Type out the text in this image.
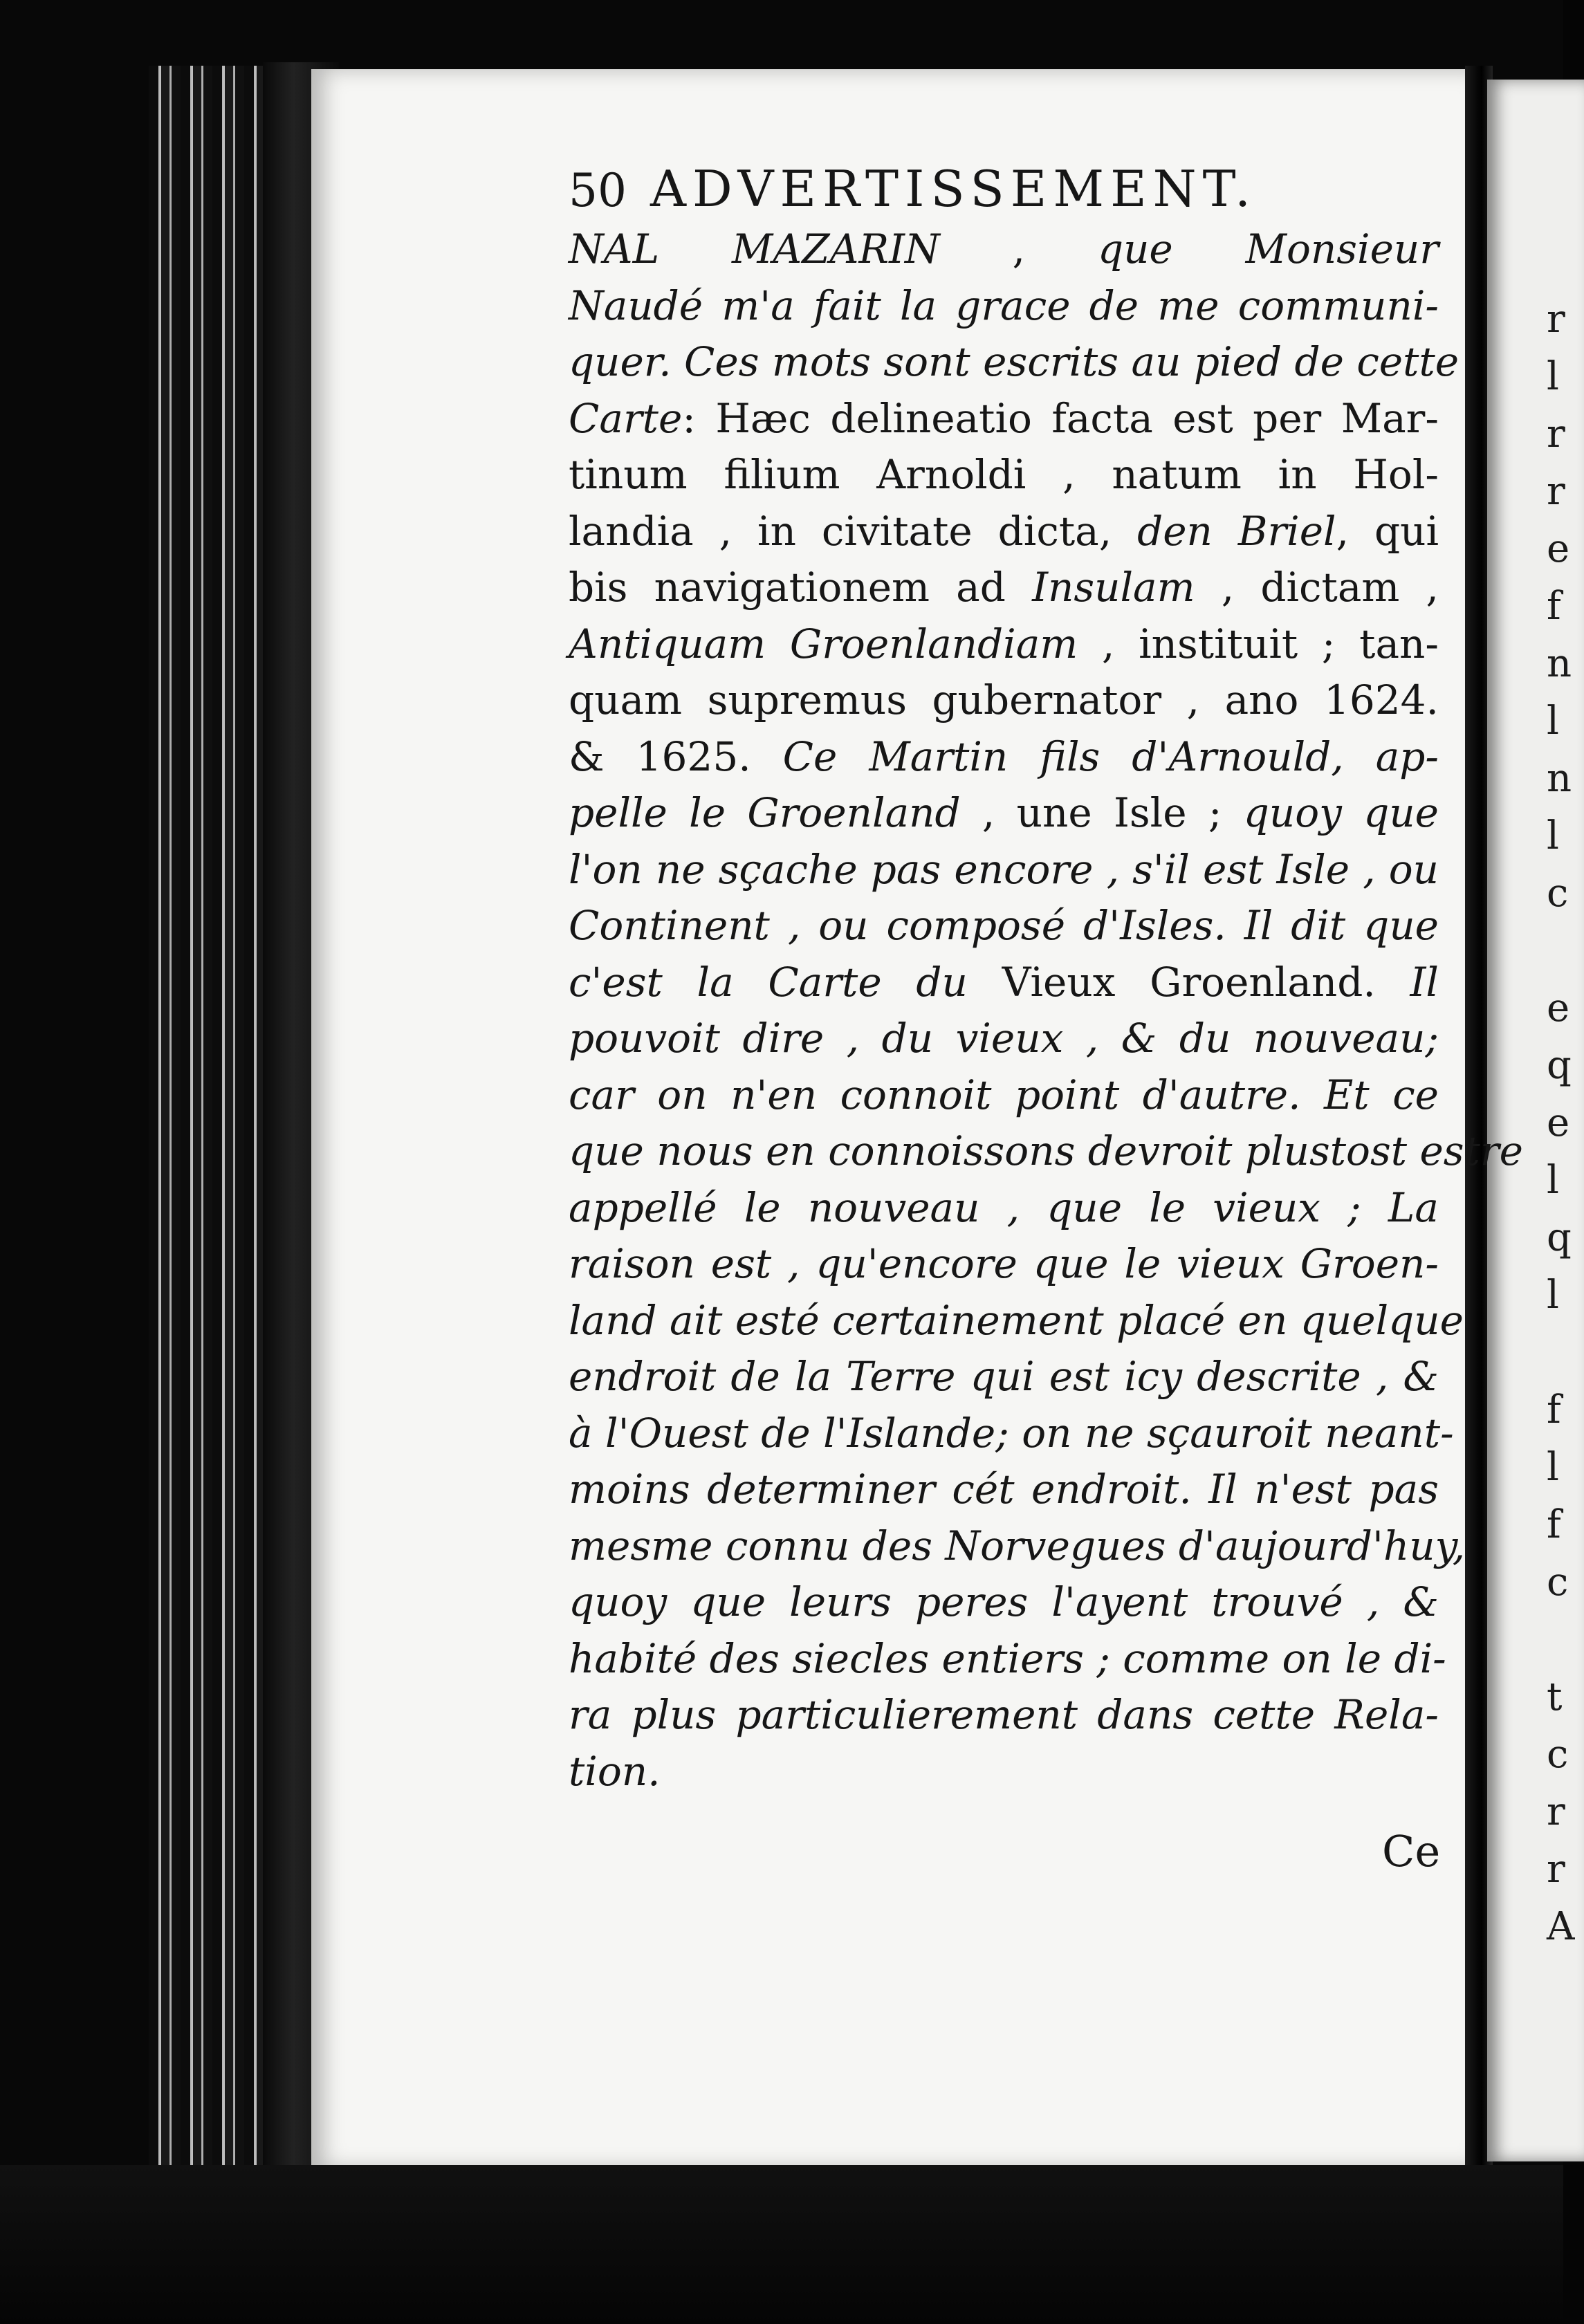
r
l
r
r
e
f
n
l
n
l
c

e
q
e
l
q
l

f
l
f
c

t
c
r
r
A
50 ADVERTISSEMENT.
NAL MAZARIN , que Monsieur
Naudé m'a fait la grace de me communi-
quer. Ces mots sont escrits au pied de cette
Carte: Hæc delineatio facta est per Mar-
tinum filium Arnoldi , natum in Hol-
landia , in civitate dicta, den Briel, qui
bis navigationem ad Insulam , dictam ,
Antiquam Groenlandiam , instituit ; tan-
quam supremus gubernator , ano 1624.
& 1625. Ce Martin fils d'Arnould, ap-
pelle le Groenland , une Isle ; quoy que
l'on ne sçache pas encore , s'il est Isle , ou
Continent , ou composé d'Isles. Il dit que
c'est la Carte du Vieux Groenland. Il
pouvoit dire , du vieux , & du nouveau;
car on n'en connoit point d'autre. Et ce
que nous en connoissons devroit plustost estre
appellé le nouveau , que le vieux ; La
raison est , qu'encore que le vieux Groen-
land ait esté certainement placé en quelque
endroit de la Terre qui est icy descrite , &
à l'Ouest de l'Islande; on ne sçauroit neant-
moins determiner cét endroit. Il n'est pas
mesme connu des Norvegues d'aujourd'huy,
quoy que leurs peres l'ayent trouvé , &
habité des siecles entiers ; comme on le di-
ra plus particulierement dans cette Rela-
tion.
Ce
